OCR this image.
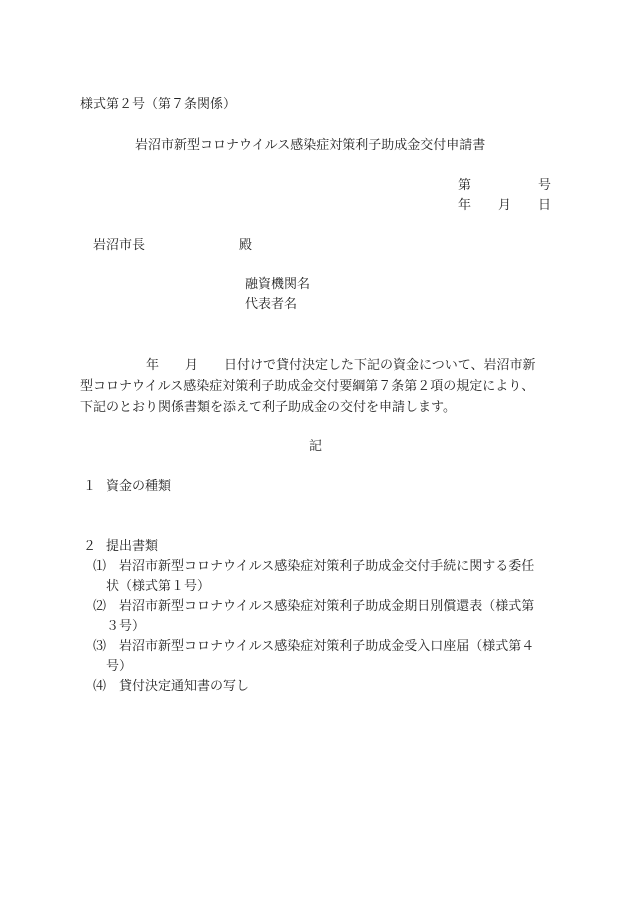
様式第２号（第７条関係）
岩沼市新型コロナウイルス感染症対策利子助成金交付申請書
第	号
年 月 日
岩沼市長	殿
融資機関名
代表者名
年 月 日付けで貸付決定した下記の資金について、岩沼市新
型コロナウイルス感染症対策利子助成金交付要綱第７条第２項の規定により、
下記のとおり関係書類を添えて利子助成金の交付を申請します。
記
１ 資金の種類
２ 提出書類
⑴ 岩沼市新型コロナウイルス感染症対策利子助成金交付手続に関する委任
状（様式第１号）
⑵ 岩沼市新型コロナウイルス感染症対策利子助成金期日別償還表（様式第
３号）
⑶ 岩沼市新型コロナウイルス感染症対策利子助成金受入口座届（様式第４
号）
⑷ 貸付決定通知書の写し
